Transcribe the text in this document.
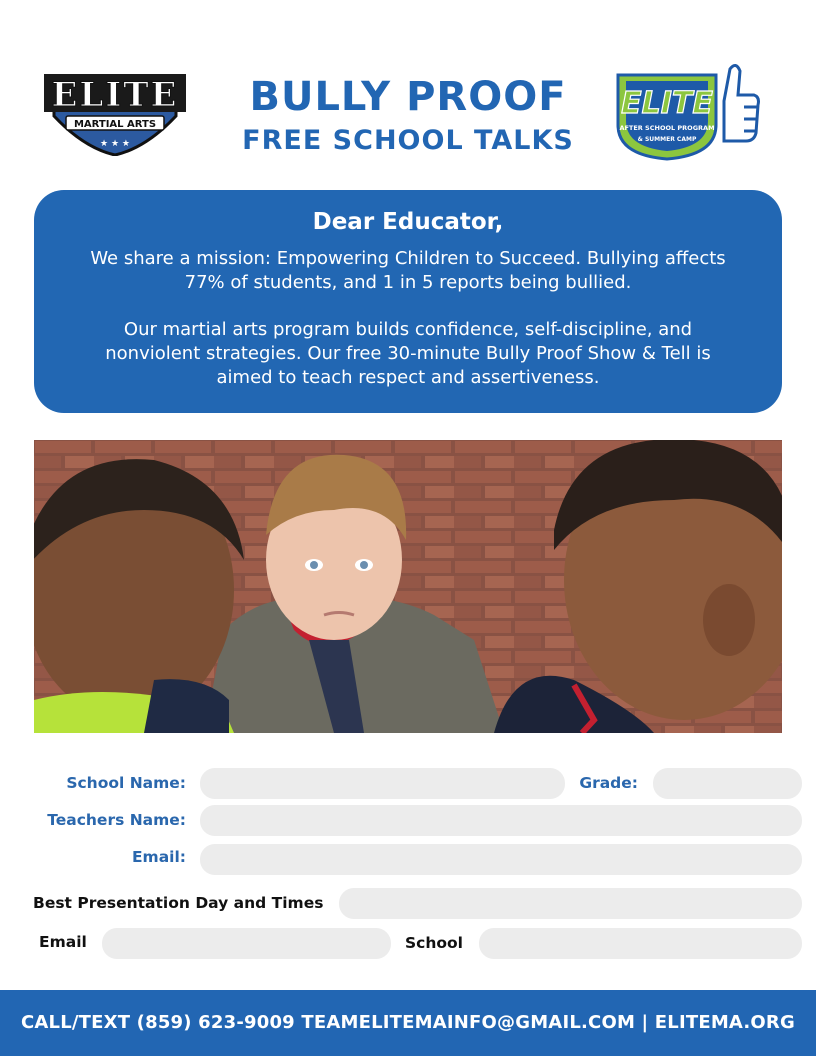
ELITE
MARTIAL ARTS
★ ★ ★
BULLY PROOF
FREE SCHOOL TALKS
ELITE
AFTER SCHOOL PROGRAM
& SUMMER CAMP
Dear Educator,
We share a mission: Empowering Children to Succeed. Bullying affects 77% of students, and 1 in 5 reports being bullied.
Our martial arts program builds confidence, self-discipline, and nonviolent strategies. Our free 30-minute Bully Proof Show & Tell is aimed to teach respect and assertiveness.
School Name:	Grade:
Teachers Name:
Email:
Best Presentation Day and Times
Email	School
CALL/TEXT (859) 623-9009 TEAMELITEMAINFO@GMAIL.COM | ELITEMA.ORG
